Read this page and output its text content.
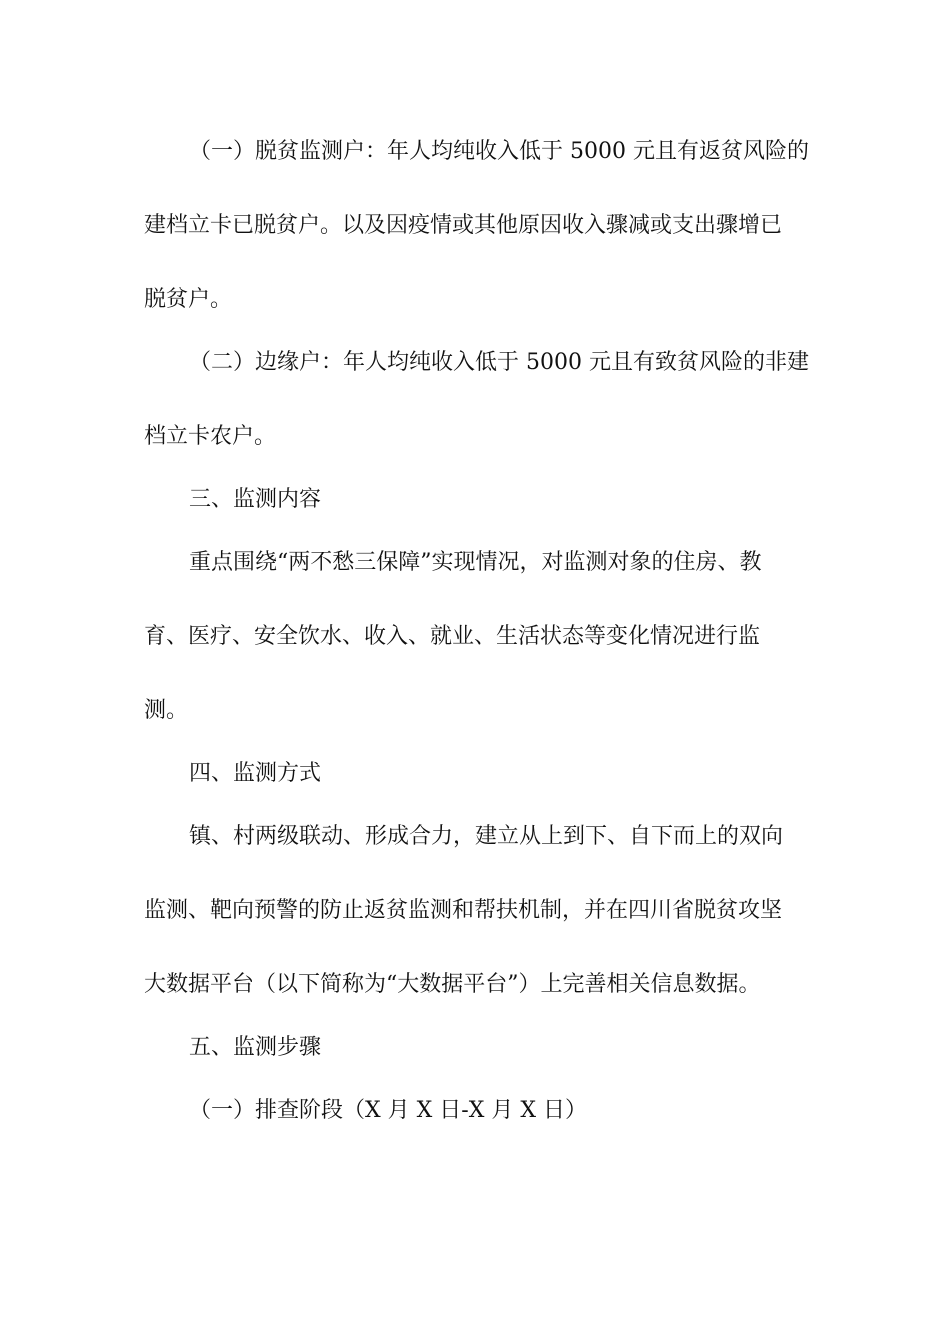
（一）脱贫监测户：年人均纯收入低于 5000 元且有返贫风险的
建档立卡已脱贫户。以及因疫情或其他原因收入骤减或支出骤增已
脱贫户。
（二）边缘户：年人均纯收入低于 5000 元且有致贫风险的非建
档立卡农户。
三、监测内容
重点围绕“两不愁三保障”实现情况，对监测对象的住房、教
育、医疗、安全饮水、收入、就业、生活状态等变化情况进行监
测。
四、监测方式
镇、村两级联动、形成合力，建立从上到下、自下而上的双向
监测、靶向预警的防止返贫监测和帮扶机制，并在四川省脱贫攻坚
大数据平台（以下简称为“大数据平台”）上完善相关信息数据。
五、监测步骤
（一）排查阶段（X 月 X 日-X 月 X 日）
